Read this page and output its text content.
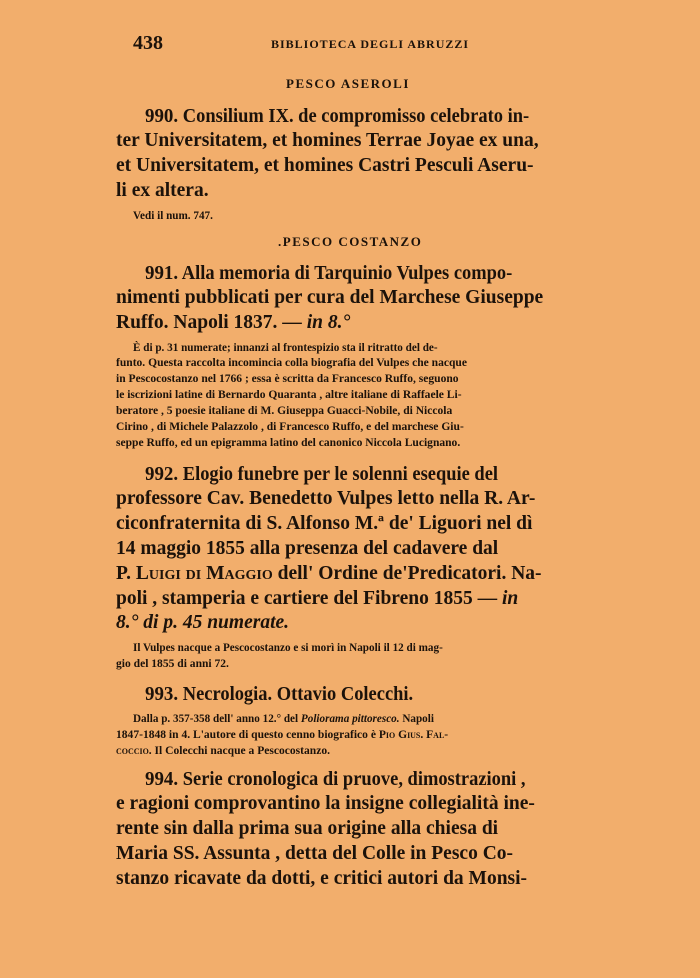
438	BIBLIOTECA DEGLI ABRUZZI
PESCO ASEROLI
990. Consilium IX. de compromisso celebrato in-
ter Universitatem, et homines Terrae Joyae ex una,
et Universitatem, et homines Castri Pesculi Aseru-
li ex altera.
Vedi il num. 747.
.PESCO COSTANZO
991. Alla memoria di Tarquinio Vulpes compo-
nimenti pubblicati per cura del Marchese Giuseppe
Ruffo. Napoli 1837. — in 8.°
È di p. 31 numerate; innanzi al frontespizio sta il ritratto del de-
funto. Questa raccolta incomincia colla biografia del Vulpes che nacque
in Pescocostanzo nel 1766 ; essa è scritta da Francesco Ruffo, seguono
le iscrizioni latine di Bernardo Quaranta , altre italiane di Raffaele Li-
beratore , 5 poesie italiane di M. Giuseppa Guacci-Nobile, di Niccola
Cirino , di Michele Palazzolo , di Francesco Ruffo, e del marchese Giu-
seppe Ruffo, ed un epigramma latino del canonico Niccola Lucignano.
992. Elogio funebre per le solenni esequie del
professore Cav. Benedetto Vulpes letto nella R. Ar-
ciconfraternita di S. Alfonso M.ª de' Liguori nel dì
14 maggio 1855 alla presenza del cadavere dal
P. Luigi di Maggio dell' Ordine de'Predicatori. Na-
poli , stamperia e cartiere del Fibreno 1855 — in
8.° di p. 45 numerate.
Il Vulpes nacque a Pescocostanzo e si morì in Napoli il 12 di mag-
gio del 1855 di anni 72.
993. Necrologia. Ottavio Colecchi.
Dalla p. 357-358 dell' anno 12.° del Poliorama pittoresco. Napoli
1847-1848 in 4. L'autore di questo cenno biografico è Pio Gius. Fal-
coccio. Il Colecchi nacque a Pescocostanzo.
994. Serie cronologica di pruove, dimostrazioni ,
e ragioni comprovantino la insigne collegialità ine-
rente sin dalla prima sua origine alla chiesa di
Maria SS. Assunta , detta del Colle in Pesco Co-
stanzo ricavate da dotti, e critici autori da Monsi-
